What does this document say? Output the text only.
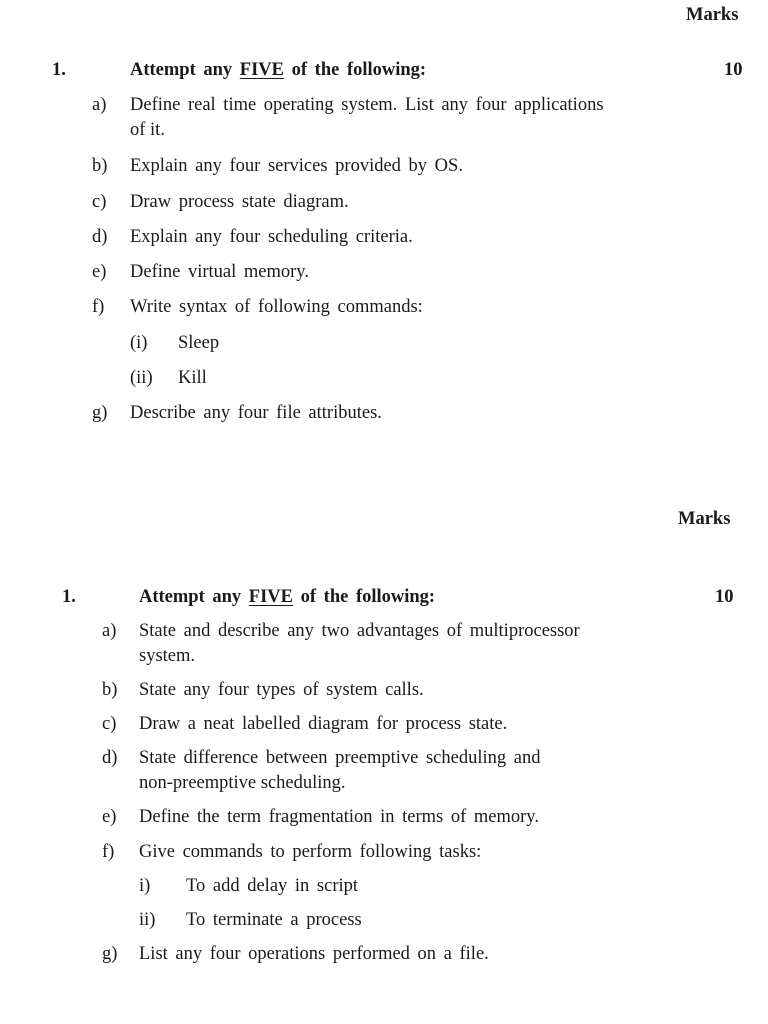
Marks
1.	Attempt any FIVE of the following:	10
a) Define real time operating system. List any four applications
of it.
b) Explain any four services provided by OS.
c) Draw process state diagram.
d) Explain any four scheduling criteria.
e) Define virtual memory.
f) Write syntax of following commands:
(i) Sleep
(ii) Kill
g) Describe any four file attributes.
Marks
1.	Attempt any FIVE of the following:	10
a) State and describe any two advantages of multiprocessor
system.
b) State any four types of system calls.
c) Draw a neat labelled diagram for process state.
d) State difference between preemptive scheduling and
non-preemptive scheduling.
e) Define the term fragmentation in terms of memory.
f) Give commands to perform following tasks:
i) To add delay in script
ii) To terminate a process
g) List any four operations performed on a file.
